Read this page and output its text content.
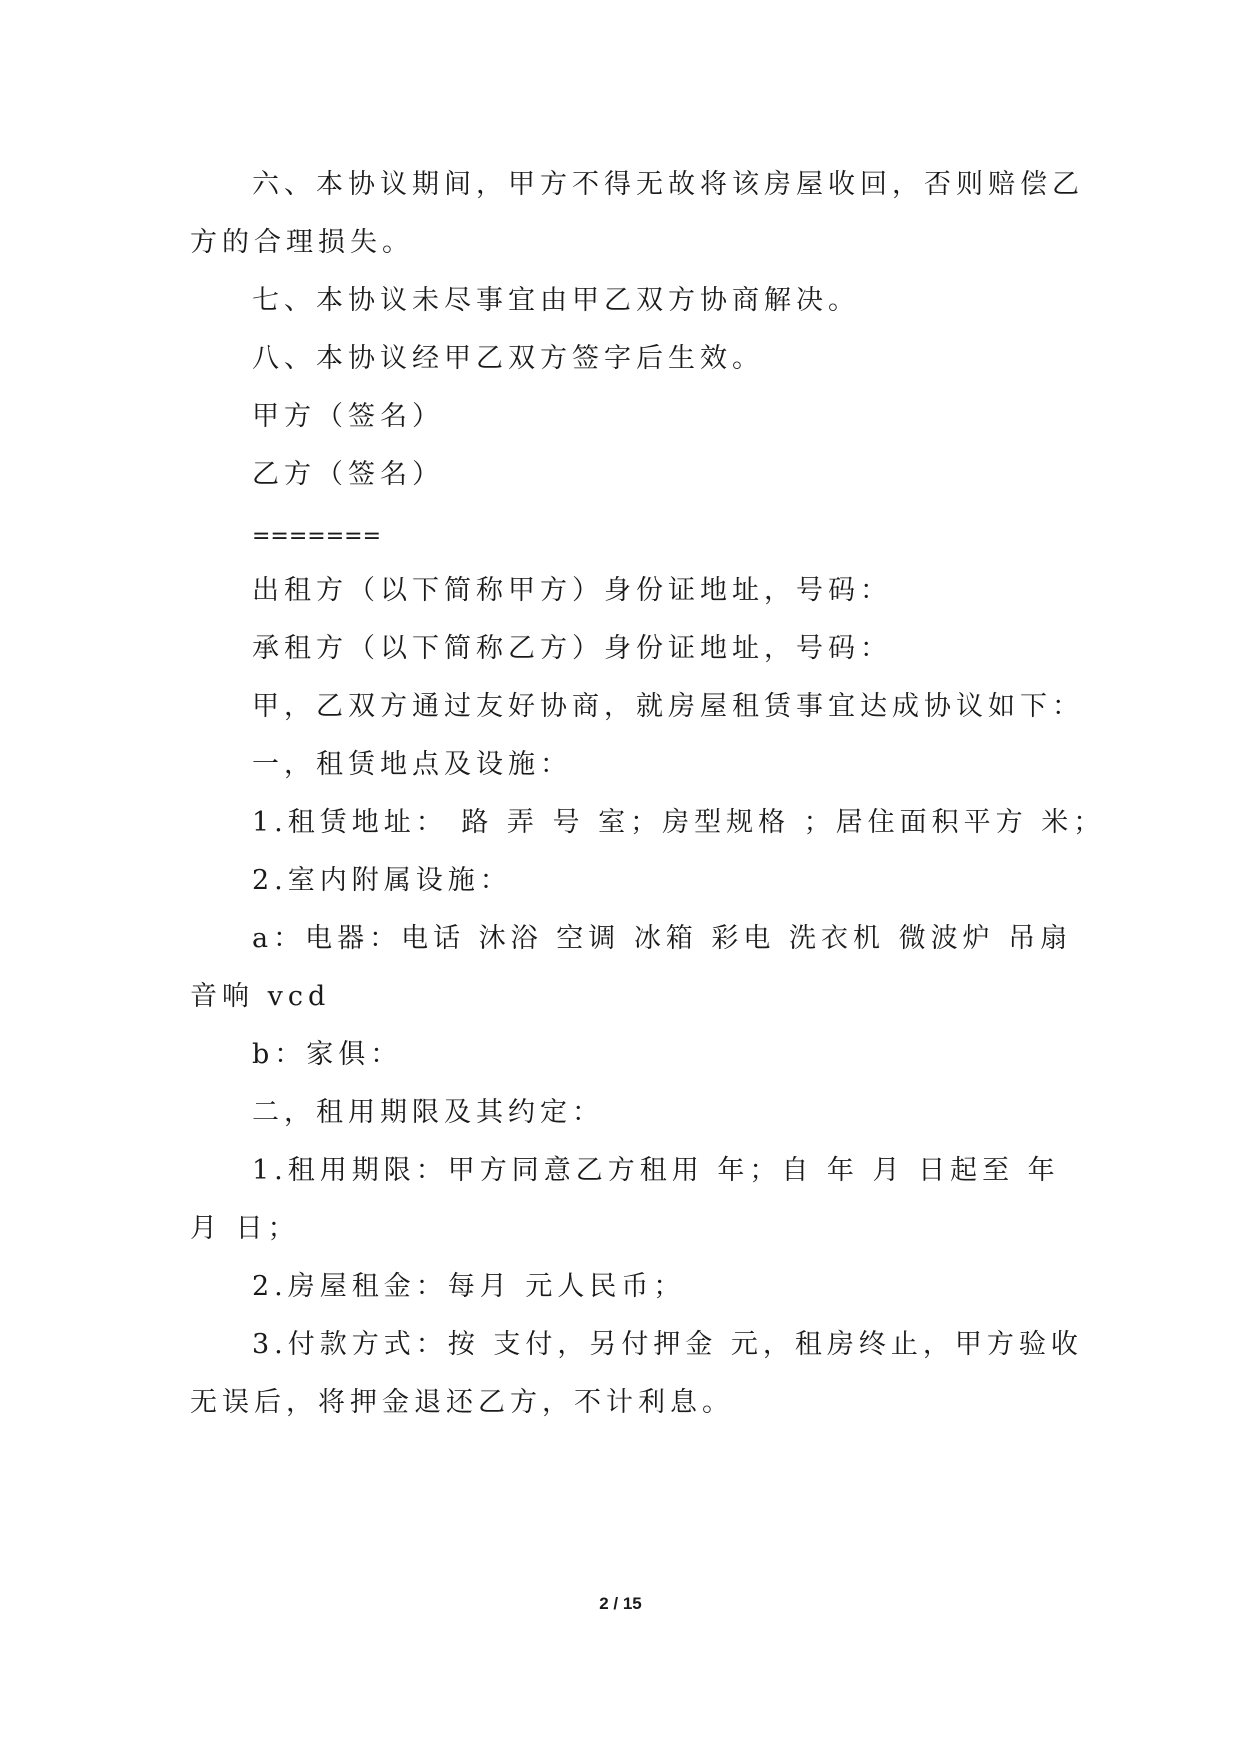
六、本协议期间，甲方不得无故将该房屋收回，否则赔偿乙
方的合理损失。
七、本协议未尽事宜由甲乙双方协商解决。
八、本协议经甲乙双方签字后生效。
甲方（签名）
乙方（签名）
=======
出租方（以下简称甲方）身份证地址，号码：
承租方（以下简称乙方）身份证地址，号码：
甲，乙双方通过友好协商，就房屋租赁事宜达成协议如下：
一，租赁地点及设施：
1.租赁地址： 路 弄 号 室；房型规格 ；居住面积平方 米；
2.室内附属设施：
a：电器：电话 沐浴 空调 冰箱 彩电 洗衣机 微波炉 吊扇
音响 vcd
b：家俱：
二，租用期限及其约定：
1.租用期限：甲方同意乙方租用 年；自 年 月 日起至 年
月 日；
2.房屋租金：每月 元人民币；
3.付款方式：按 支付，另付押金 元，租房终止，甲方验收
无误后，将押金退还乙方，不计利息。
2 / 15
